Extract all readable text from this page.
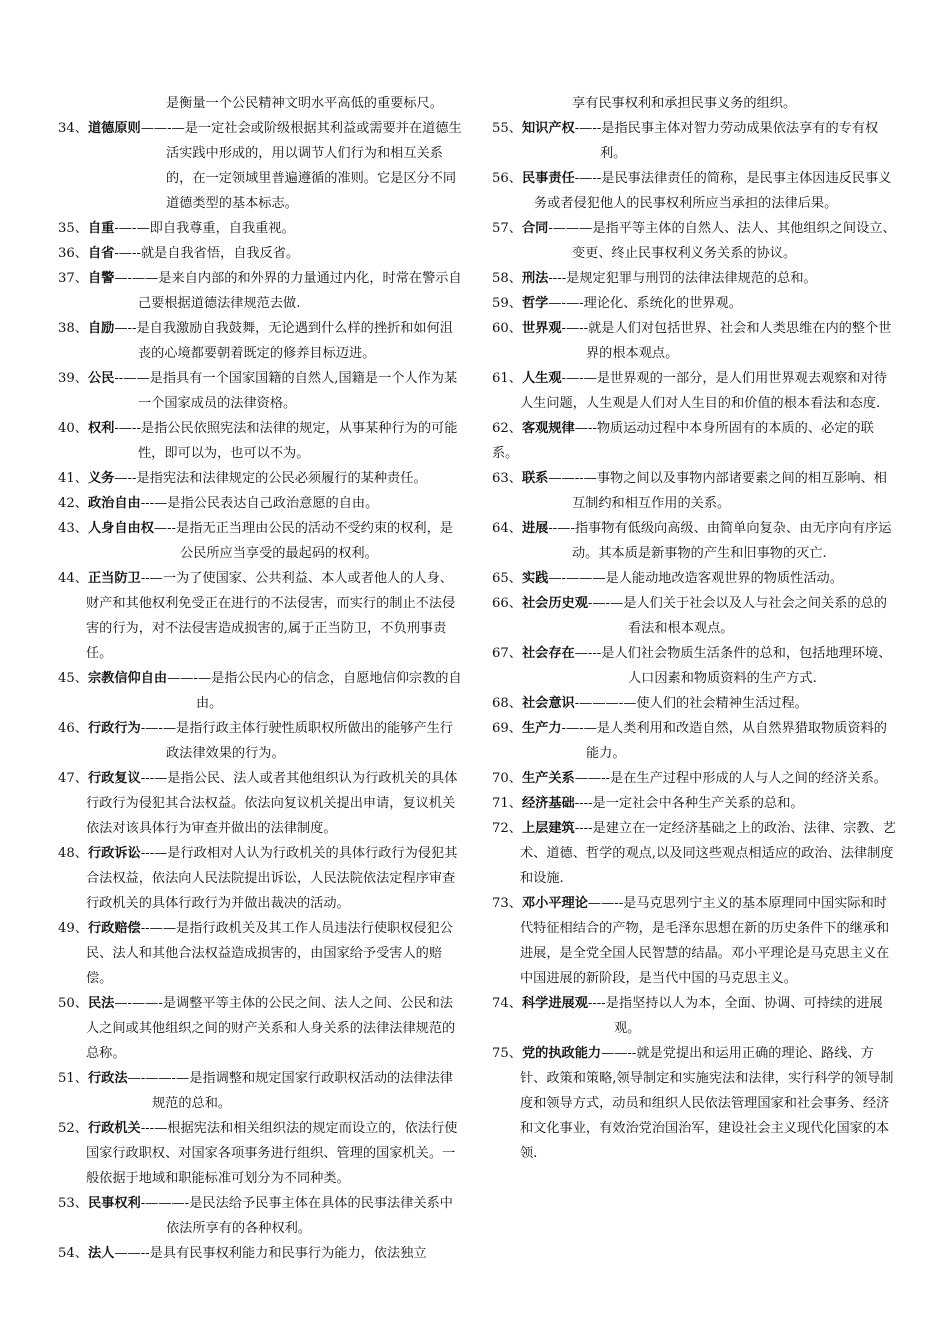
是衡量一个公民精神文明水平高低的重要标尺。

34、道德原则——-—是一定社会或阶级根据其利益或需要并在道德生活实践中形成的，用以调节人们行为和相互关系的，在一定领域里普遍遵循的准则。它是区分不同道德类型的基本标志。

35、自重-—-—即自我尊重，自我重视。

36、自省-—--就是自我省悟，自我反省。

37、自警—-——是来自内部的和外界的力量通过内化，时常在警示自己要根据道德法律规范去做.

38、自励—--是自我激励自我鼓舞，无论遇到什么样的挫折和如何沮丧的心境都要朝着既定的修养目标迈进。

39、公民--——是指具有一个国家国籍的自然人,国籍是一个人作为某一个国家成员的法律资格。

40、权利-—--是指公民依照宪法和法律的规定，从事某种行为的可能性，即可以为，也可以不为。

41、义务—--是指宪法和法律规定的公民必须履行的某种责任。

42、政治自由---—是指公民表达自己政治意愿的自由。

43、人身自由权—--是指无正当理由公民的活动不受约束的权利，是公民所应当享受的最起码的权利。

44、正当防卫--—一为了使国家、公共利益、本人或者他人的人身、财产和其他权利免受正在进行的不法侵害，而实行的制止不法侵害的行为，对不法侵害造成损害的,属于正当防卫，不负刑事责任。

45、宗教信仰自由——-—是指公民内心的信念，自愿地信仰宗教的自由。

46、行政行为-—-—是指行政主体行驶性质职权所做出的能够产生行政法律效果的行为。

47、行政复议---—是指公民、法人或者其他组织认为行政机关的具体行政行为侵犯其合法权益。依法向复议机关提出申请，复议机关依法对该具体行为审查并做出的法律制度。

48、行政诉讼---—是行政相对人认为行政机关的具体行政行为侵犯其合法权益，依法向人民法院提出诉讼，人民法院依法定程序审查行政机关的具体行政行为并做出裁决的活动。

49、行政赔偿--——是指行政机关及其工作人员违法行使职权侵犯公民、法人和其他合法权益造成损害的，由国家给予受害人的赔偿。

50、民法—-——-是调整平等主体的公民之间、法人之间、公民和法人之间或其他组织之间的财产关系和人身关系的法律法律规范的总称。

51、行政法—-——-—是指调整和规定国家行政职权活动的法律法律规范的总和。

52、行政机关---—根据宪法和相关组织法的规定而设立的，依法行使国家行政职权、对国家各项事务进行组织、管理的国家机关。一般依据于地域和职能标准可划分为不同种类。

53、民事权利-———-是民法给予民事主体在具体的民事法律关系中依法所享有的各种权利。

54、法人——--是具有民事权利能力和民事行为能力，依法独立

享有民事权利和承担民事义务的组织。

55、知识产权-—--是指民事主体对智力劳动成果依法享有的专有权利。

56、民事责任-—--是民事法律责任的简称，是民事主体因违反民事义务或者侵犯他人的民事权利所应当承担的法律后果。

57、合同-———是指平等主体的自然人、法人、其他组织之间设立、变更、终止民事权利义务关系的协议。

58、刑法----是规定犯罪与刑罚的法律法律规范的总和。

59、哲学—-—-理论化、系统化的世界观。

60、世界观-—--就是人们对包括世界、社会和人类思维在内的整个世界的根本观点。

61、人生观-—-—是世界观的一部分，是人们用世界观去观察和对待人生问题，人生观是人们对人生目的和价值的根本看法和态度.

62、客观规律—--物质运动过程中本身所固有的本质的、必定的联系。

63、联系——--—事物之间以及事物内部诸要素之间的相互影响、相互制约和相互作用的关系。

64、进展--—-指事物有低级向高级、由简单向复杂、由无序向有序运动。其本质是新事物的产生和旧事物的灭亡.

65、实践—-———是人能动地改造客观世界的物质性活动。

66、社会历史观-—-—是人们关于社会以及人与社会之间关系的总的看法和根本观点。

67、社会存在—---是人们社会物质生活条件的总和，包括地理环境、人口因素和物质资料的生产方式.

68、社会意识-———-—使人们的社会精神生活过程。

69、生产力-—-—是人类利用和改造自然，从自然界猎取物质资料的能力。

70、生产关系——--是在生产过程中形成的人与人之间的经济关系。

71、经济基础----是一定社会中各种生产关系的总和。

72、上层建筑----是建立在一定经济基础之上的政治、法律、宗教、艺术、道德、哲学的观点,以及同这些观点相适应的政治、法律制度和设施.

73、邓小平理论——--是马克思列宁主义的基本原理同中国实际和时代特征相结合的产物，是毛泽东思想在新的历史条件下的继承和进展，是全党全国人民智慧的结晶。邓小平理论是马克思主义在中国进展的新阶段，是当代中国的马克思主义。

74、科学进展观----是指坚持以人为本，全面、协调、可持续的进展观。

75、党的执政能力——--就是党提出和运用正确的理论、路线、方针、政策和策略,领导制定和实施宪法和法律，实行科学的领导制度和领导方式，动员和组织人民依法管理国家和社会事务、经济和文化事业，有效治党治国治军，建设社会主义现代化国家的本领.
